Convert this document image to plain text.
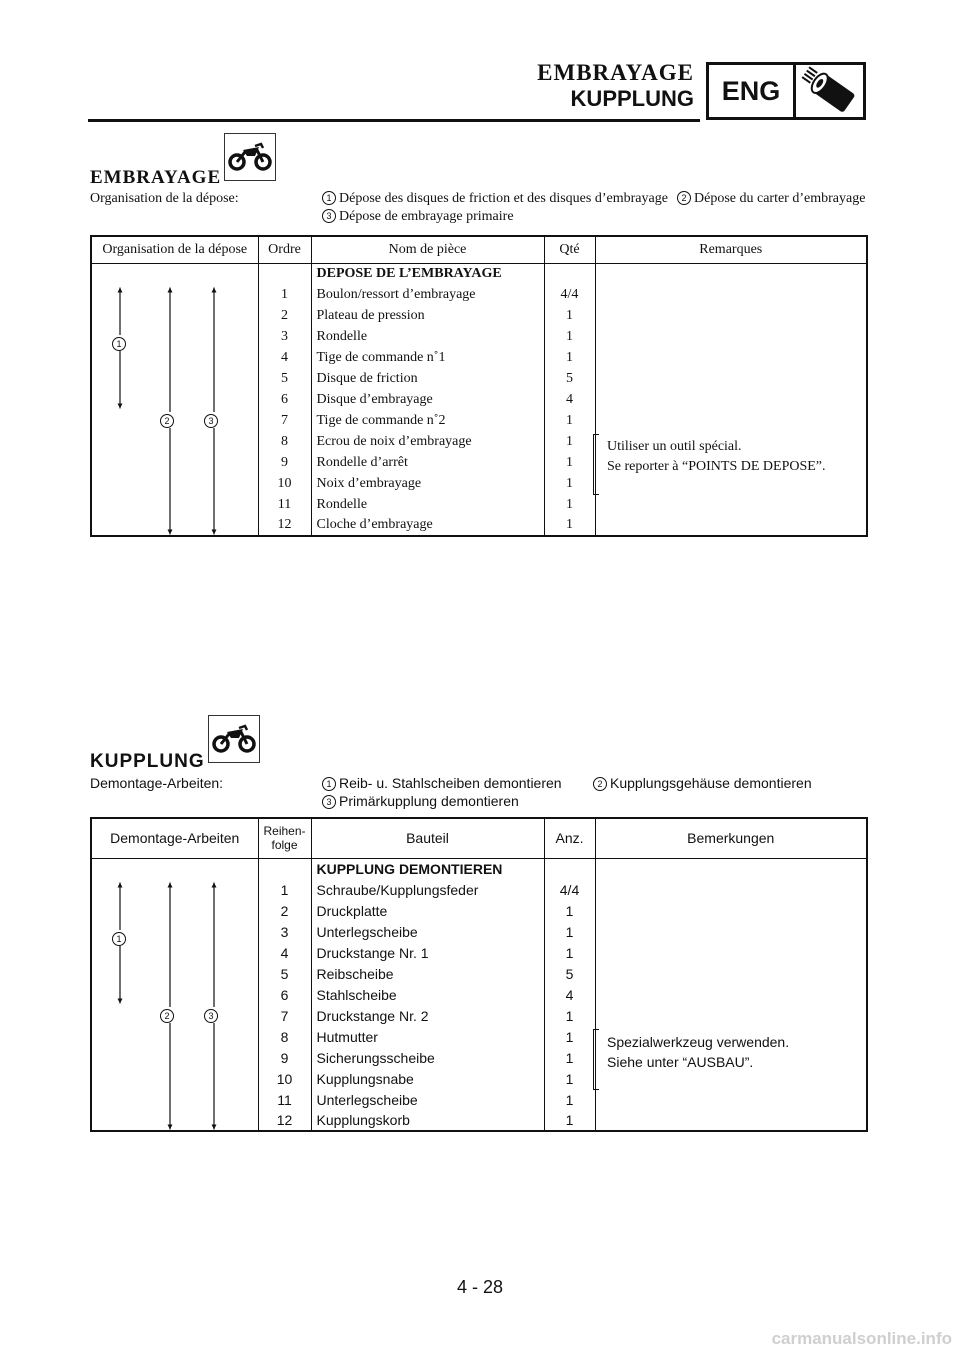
EMBRAYAGE
KUPPLUNG	ENG
EMBRAYAGE
Organisation de la dépose:	1 Dépose des disques de friction et des disques d’embrayage	2 Dépose du carter d’embrayage
3 Dépose de embrayage primaire
Organisation de la dépose	Ordre	Nom de pièce	Qté	Remarques
		DEPOSE DE L’EMBRAYAGE		
	1	Boulon/ressort d’embrayage	4/4	
	2	Plateau de pression	1	
	3	Rondelle	1	
	4	Tige de commande n˚1	1	
	5	Disque de friction	5	
	6	Disque d’embrayage	4	
	7	Tige de commande n˚2	1	
	8	Ecrou de noix d’embrayage	1	
	9	Rondelle d’arrêt	1	
	10	Noix d’embrayage	1	
	11	Rondelle	1	
	12	Cloche d’embrayage	1	
KUPPLUNG
Demontage-Arbeiten:	1 Reib- u. Stahlscheiben demontieren	2 Kupplungsgehäuse demontieren
3 Primärkupplung demontieren
Demontage-Arbeiten	Reihen-
folge	Bauteil	Anz.	Bemerkungen
		KUPPLUNG DEMONTIEREN		
	1	Schraube/Kupplungsfeder	4/4	
	2	Druckplatte	1	
	3	Unterlegscheibe	1	
	4	Druckstange Nr. 1	1	
	5	Reibscheibe	5	
	6	Stahlscheibe	4	
	7	Druckstange Nr. 2	1	
	8	Hutmutter	1	
	9	Sicherungsscheibe	1	
	10	Kupplungsnabe	1	
	11	Unterlegscheibe	1	
	12	Kupplungskorb	1	
4 - 28
carmanualsonline.info
1
2	3
Utiliser un outil spécial.
Se reporter à “POINTS DE DEPOSE”.
1
2	3
Spezialwerkzeug verwenden.
Siehe unter “AUSBAU”.
